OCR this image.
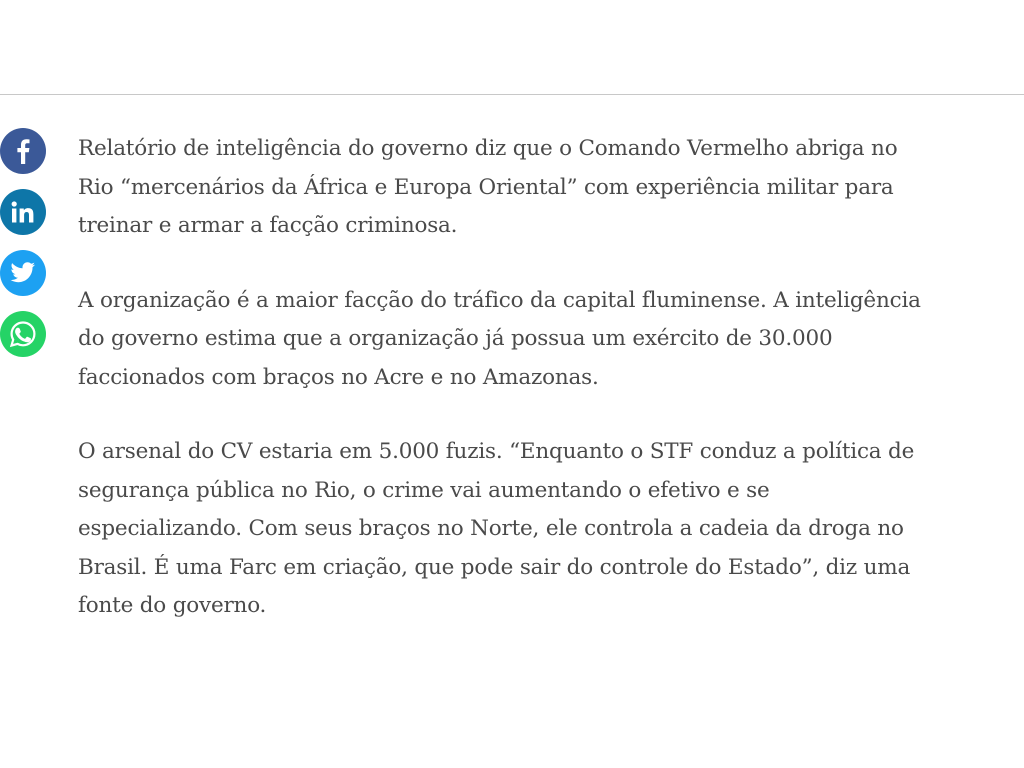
Relatório de inteligência do governo diz que o Comando Vermelho abriga no
Rio “mercenários da África e Europa Oriental” com experiência militar para
treinar e armar a facção criminosa.

A organização é a maior facção do tráfico da capital fluminense. A inteligência
do governo estima que a organização já possua um exército de 30.000
faccionados com braços no Acre e no Amazonas.

O arsenal do CV estaria em 5.000 fuzis. “Enquanto o STF conduz a política de
segurança pública no Rio, o crime vai aumentando o efetivo e se
especializando. Com seus braços no Norte, ele controla a cadeia da droga no
Brasil. É uma Farc em criação, que pode sair do controle do Estado”, diz uma
fonte do governo.
